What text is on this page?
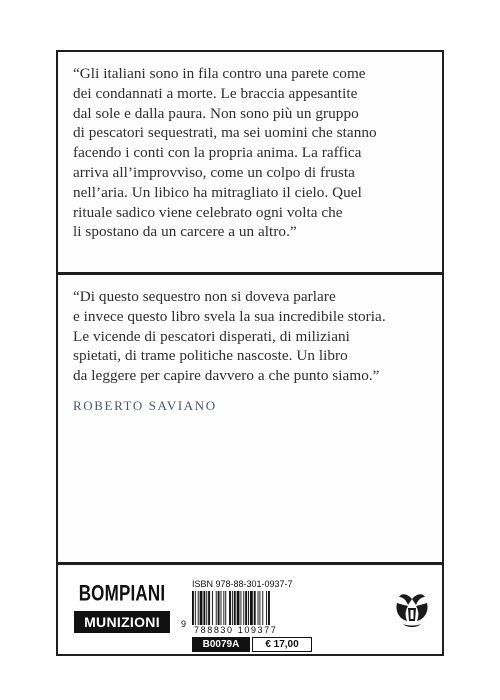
“Gli italiani sono in fila contro una parete come
dei condannati a morte. Le braccia appesantite
dal sole e dalla paura. Non sono più un gruppo
di pescatori sequestrati, ma sei uomini che stanno
facendo i conti con la propria anima. La raffica
arriva all’improvviso, come un colpo di frusta
nell’aria. Un libico ha mitragliato il cielo. Quel
rituale sadico viene celebrato ogni volta che
li spostano da un carcere a un altro.”
“Di questo sequestro non si doveva parlare
e invece questo libro svela la sua incredibile storia.
Le vicende di pescatori disperati, di miliziani
spietati, di trame politiche nascoste. Un libro
da leggere per capire davvero a che punto siamo.”
ROBERTO SAVIANO
BOMPIANI
MUNIZIONI
ISBN 978-88-301-0937-7
9
788830 109377
B0079A	€ 17,00
